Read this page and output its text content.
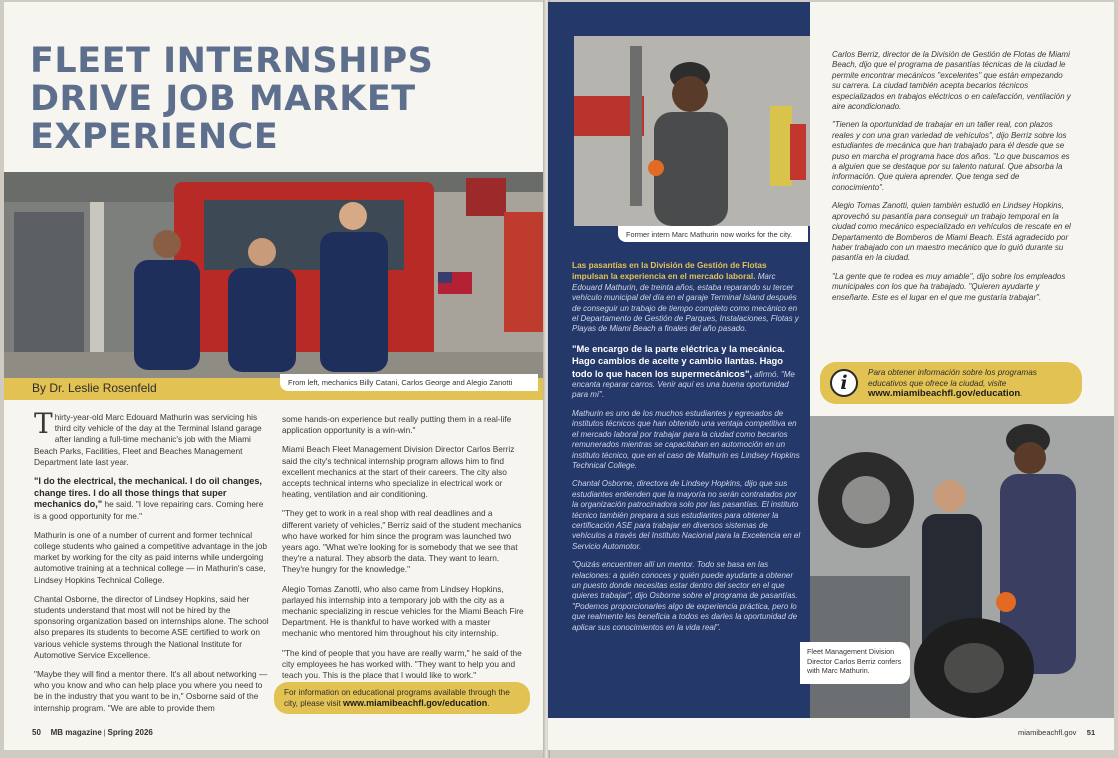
FLEET INTERNSHIPS
DRIVE JOB MARKET
EXPERIENCE
By Dr. Leslie Rosenfeld	From left, mechanics Billy Catani, Carlos George and Alegio Zanotti

Thirty-year-old Marc Edouard Mathurin was servicing his third city vehicle of the day at the Terminal Island garage after landing a full-time mechanic's job with the Miami Beach Parks, Facilities, Fleet and Beaches Management Department late last year.

"I do the electrical, the mechanical. I do oil changes, change tires. I do all those things that super mechanics do," he said. "I love repairing cars. Coming here is a good opportunity for me."

Mathurin is one of a number of current and former technical college students who gained a competitive advantage in the job market by working for the city as paid interns while undergoing automotive training at a technical college — in Mathurin's case, Lindsey Hopkins Technical College.

Chantal Osborne, the director of Lindsey Hopkins, said her students understand that most will not be hired by the sponsoring organization based on internships alone. The school also prepares its students to become ASE certified to work on various vehicle systems through the National Institute for Automotive Service Excellence.

"Maybe they will find a mentor there. It's all about networking — who you know and who can help place you where you need to be in the industry that you want to be in," Osborne said of the internship program. "We are able to provide them

some hands-on experience but really putting them in a real-life application opportunity is a win-win."

Miami Beach Fleet Management Division Director Carlos Berriz said the city's technical internship program allows him to find excellent mechanics at the start of their careers. The city also accepts technical interns who specialize in electrical work or heating, ventilation and air conditioning.

"They get to work in a real shop with real deadlines and a different variety of vehicles," Berriz said of the student mechanics who have worked for him since the program was launched two years ago. "What we're looking for is somebody that we see that they're a natural. They absorb the data. They want to learn. They're hungry for the knowledge."

Alegio Tomas Zanotti, who also came from Lindsey Hopkins, parlayed his internship into a temporary job with the city as a mechanic specializing in rescue vehicles for the Miami Beach Fire Department. He is thankful to have worked with a master mechanic who mentored him throughout his city internship.

"The kind of people that you have are really warm," he said of the city employees he has worked with. "They want to help you and teach you. This is the place that I would like to work."

For information on educational programs available through the city, please visit www.miamibeachfl.gov/education.
50 MB magazine | Spring 2026
Former intern Marc Mathurin now works for the city.

Las pasantías en la División de Gestión de Flotas impulsan la experiencia en el mercado laboral. Marc Edouard Mathurin, de treinta años, estaba reparando su tercer vehículo municipal del día en el garaje Terminal Island después de conseguir un trabajo de tiempo completo como mecánico en el Departamento de Gestión de Parques, Instalaciones, Flotas y Playas de Miami Beach a finales del año pasado.

"Me encargo de la parte eléctrica y la mecánica. Hago cambios de aceite y cambio llantas. Hago todo lo que hacen los supermecánicos", afirmó. "Me encanta reparar carros. Venir aquí es una buena oportunidad para mí".

Mathurin es uno de los muchos estudiantes y egresados de institutos técnicos que han obtenido una ventaja competitiva en el mercado laboral por trabajar para la ciudad como becarios remunerados mientras se capacitaban en automoción en un instituto técnico, que en el caso de Mathurin es Lindsey Hopkins Technical College.

Chantal Osborne, directora de Lindsey Hopkins, dijo que sus estudiantes entienden que la mayoría no serán contratados por la organización patrocinadora solo por las pasantías. El instituto técnico también prepara a sus estudiantes para obtener la certificación ASE para trabajar en diversos sistemas de vehículos a través del Instituto Nacional para la Excelencia en el Servicio Automotor.

"Quizás encuentren allí un mentor. Todo se basa en las relaciones: a quién conoces y quién puede ayudarte a obtener un puesto donde necesitas estar dentro del sector en el que quieres trabajar", dijo Osborne sobre el programa de pasantías. "Podemos proporcionarles algo de experiencia práctica, pero lo que realmente les beneficia a todos es darles la oportunidad de aplicar sus conocimientos en la vida real".

Carlos Berriz, director de la División de Gestión de Flotas de Miami Beach, dijo que el programa de pasantías técnicas de la ciudad le permite encontrar mecánicos "excelentes" que están empezando su carrera. La ciudad también acepta becarios técnicos especializados en trabajos eléctricos o en calefacción, ventilación y aire acondicionado.

"Tienen la oportunidad de trabajar en un taller real, con plazos reales y con una gran variedad de vehículos", dijo Berriz sobre los estudiantes de mecánica que han trabajado para él desde que se puso en marcha el programa hace dos años. "Lo que buscamos es a alguien que se destaque por su talento natural. Que absorba la información. Que quiera aprender. Que tenga sed de conocimiento".

Alegio Tomas Zanotti, quien también estudió en Lindsey Hopkins, aprovechó su pasantía para conseguir un trabajo temporal en la ciudad como mecánico especializado en vehículos de rescate en el Departamento de Bomberos de Miami Beach. Está agradecido por haber trabajado con un maestro mecánico que lo guió durante su pasantía en la ciudad.

"La gente que te rodea es muy amable", dijo sobre los empleados municipales con los que ha trabajado. "Quieren ayudarte y enseñarte. Este es el lugar en el que me gustaría trabajar".

i	Para obtener información sobre los programas educativos que ofrece la ciudad, visite www.miamibeachfl.gov/education.
Fleet Management Division Director Carlos Berriz confers with Marc Mathurin.
miamibeachfl.gov 51
